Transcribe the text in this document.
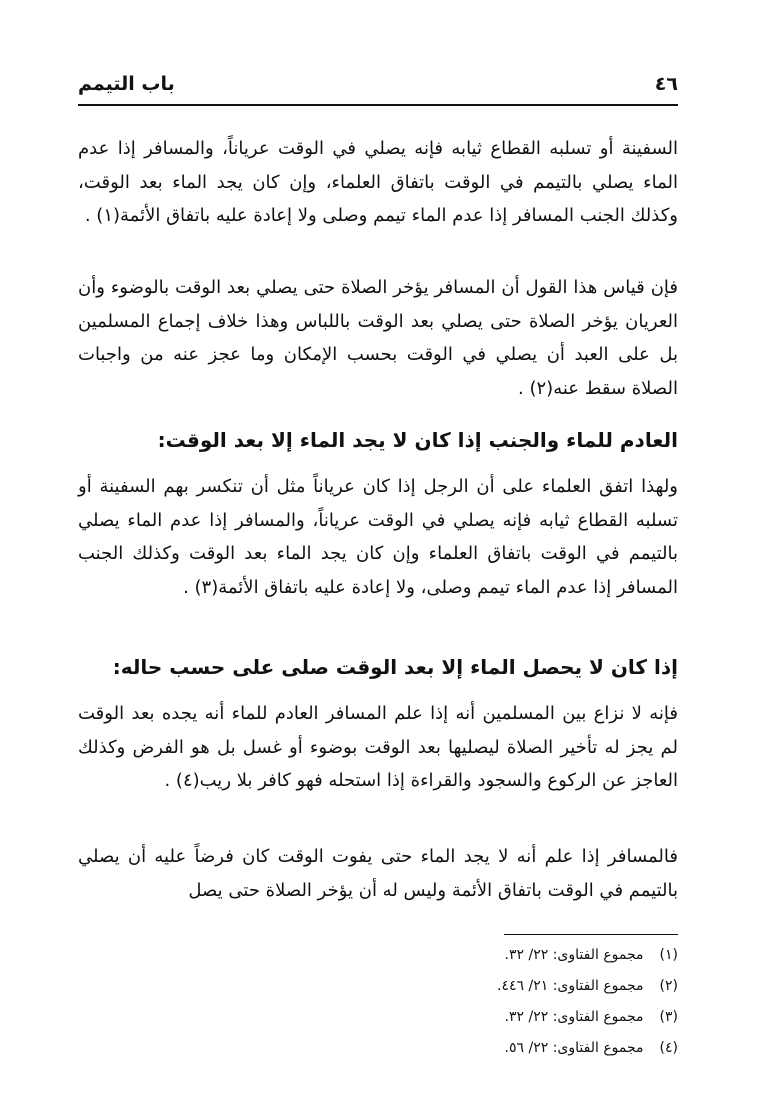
٤٦
باب التيمم

السفينة أو تسلبه القطاع ثيابه فإنه يصلي في الوقت عرياناً، والمسافر إذا عدم الماء يصلي بالتيمم في الوقت باتفاق العلماء، وإن كان يجد الماء بعد الوقت، وكذلك الجنب المسافر إذا عدم الماء تيمم وصلى ولا إعادة عليه باتفاق الأئمة(١) .

فإن قياس هذا القول أن المسافر يؤخر الصلاة حتى يصلي بعد الوقت بالوضوء وأن العريان يؤخر الصلاة حتى يصلي بعد الوقت باللباس وهذا خلاف إجماع المسلمين بل على العبد أن يصلي في الوقت بحسب الإمكان وما عجز عنه من واجبات الصلاة سقط عنه(٢) .

العادم للماء والجنب إذا كان لا يجد الماء إلا بعد الوقت:

ولهذا اتفق العلماء على أن الرجل إذا كان عرياناً مثل أن تنكسر بهم السفينة أو تسلبه القطاع ثيابه فإنه يصلي في الوقت عرياناً، والمسافر إذا عدم الماء يصلي بالتيمم في الوقت باتفاق العلماء وإن كان يجد الماء بعد الوقت وكذلك الجنب المسافر إذا عدم الماء تيمم وصلى، ولا إعادة عليه باتفاق الأئمة(٣) .

إذا كان لا يحصل الماء إلا بعد الوقت صلى على حسب حاله:

فإنه لا نزاع بين المسلمين أنه إذا علم المسافر العادم للماء أنه يجده بعد الوقت لم يجز له تأخير الصلاة ليصليها بعد الوقت بوضوء أو غسل بل هو الفرض وكذلك العاجز عن الركوع والسجود والقراءة إذا استحله فهو كافر بلا ريب(٤) .

فالمسافر إذا علم أنه لا يجد الماء حتى يفوت الوقت كان فرضاً عليه أن يصلي بالتيمم في الوقت باتفاق الأئمة وليس له أن يؤخر الصلاة حتى يصل

(١) مجموع الفتاوى: ٢٢/ ٣٢.
(٢) مجموع الفتاوى: ٢١/ ٤٤٦.
(٣) مجموع الفتاوى: ٢٢/ ٣٢.
(٤) مجموع الفتاوى: ٢٢/ ٥٦.
